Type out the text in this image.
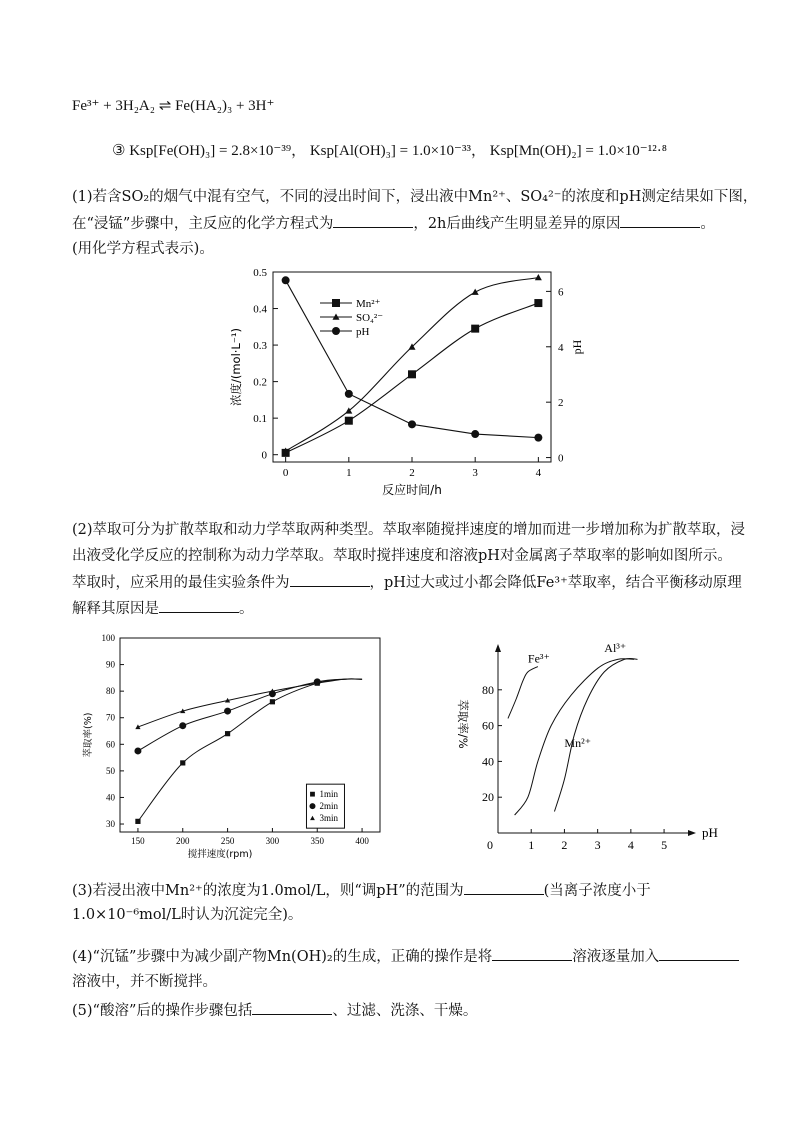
Fe³⁺ + 3H₂A₂ ⇌ Fe(HA₂)₃ + 3H⁺
③ Ksp[Fe(OH)₃] = 2.8×10⁻³⁹， Ksp[Al(OH)₃] = 1.0×10⁻³³， Ksp[Mn(OH)₂] = 1.0×10⁻¹²·⁸
(1)若含SO₂的烟气中混有空气，不同的浸出时间下，浸出液中Mn²⁺、SO₄²⁻的浓度和pH测定结果如下图，
在“浸锰”步骤中，主反应的化学方程式为	，2h后曲线产生明显差异的原因	。
(用化学方程式表示)。
0
0.1
0.2
0.3
0.4
0.5
0
2
4
6
0	1	2	3	4
反应时间/h
浓度/(mol·L⁻¹)	pH
Mn²⁺
SO₄²⁻
pH
(2)萃取可分为扩散萃取和动力学萃取两种类型。萃取率随搅拌速度的增加而进一步增加称为扩散萃取，浸
出液受化学反应的控制称为动力学萃取。萃取时搅拌速度和溶液pH对金属离子萃取率的影响如图所示。
萃取时，应采用的最佳实验条件为	，pH过大或过小都会降低Fe³⁺萃取率，结合平衡移动原理
解释其原因是	。
30
40
50
60
70
80
90
100
150	200	250	300	350	400
搅拌速度(rpm)
萃取率(%)
1min
2min
3min
0	1 2 3 4 5
20
40
60
80
pH
萃取率/%
Fe³⁺
Mn²⁺
Al³⁺
(3)若浸出液中Mn²⁺的浓度为1.0mol/L，则“调pH”的范围为	(当离子浓度小于
1.0×10⁻⁶mol/L时认为沉淀完全)。
(4)“沉锰”步骤中为减少副产物Mn(OH)₂的生成，正确的操作是将	溶液逐量加入
溶液中，并不断搅拌。
(5)“酸溶”后的操作步骤包括	、过滤、洗涤、干燥。
